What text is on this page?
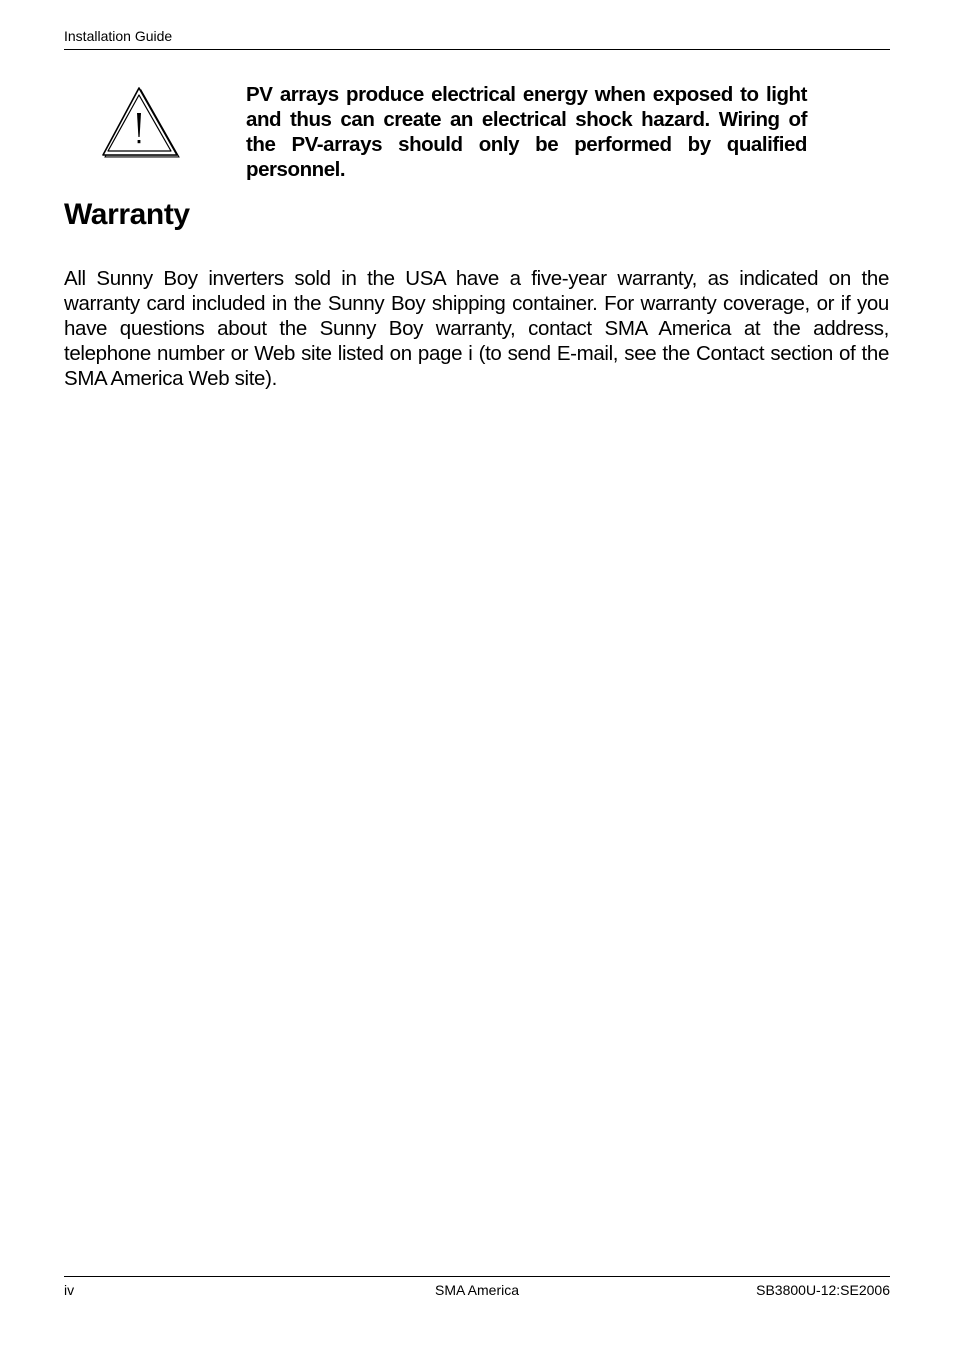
Installation Guide
PV arrays produce electrical energy when exposed to light and thus can create an electrical shock hazard. Wiring of the PV-arrays should only be performed by qualified personnel.
Warranty

All Sunny Boy inverters sold in the USA have a five-year warranty, as indicated on the warranty card included in the Sunny Boy shipping container. For warranty coverage, or if you have questions about the Sunny Boy warranty, contact SMA America at the address, telephone number or Web site listed on page i (to send E-mail, see the Contact section of the SMA America Web site).

iv	SMA America	SB3800U-12:SE2006
